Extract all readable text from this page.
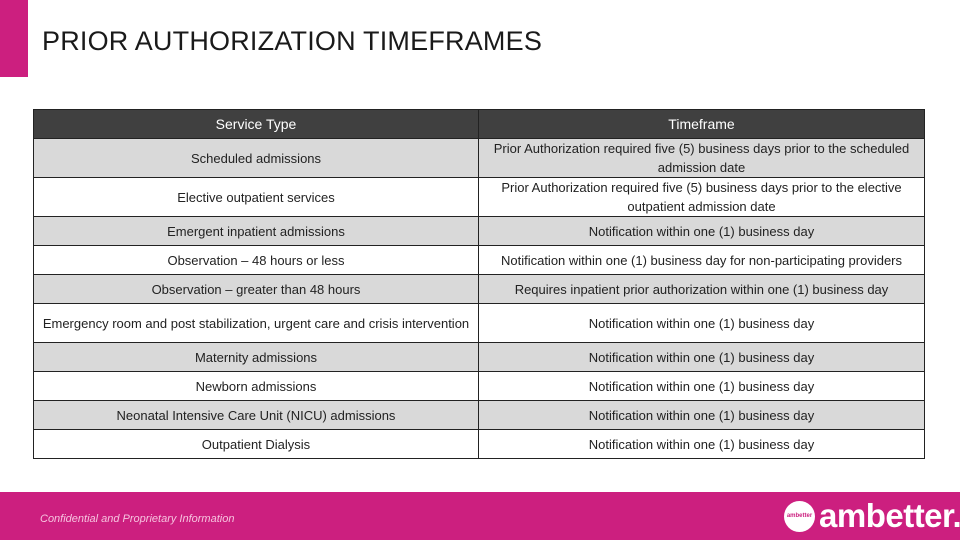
PRIOR AUTHORIZATION TIMEFRAMES
Service Type	Timeframe
Scheduled admissions	Prior Authorization required five (5) business days prior to the scheduled admission date
Elective outpatient services	Prior Authorization required five (5) business days prior to the elective outpatient admission date
Emergent inpatient admissions	Notification within one (1) business day
Observation – 48 hours or less	Notification within one (1) business day for non-participating providers
Observation – greater than 48 hours	Requires inpatient prior authorization within one (1) business day
Emergency room and post stabilization, urgent care and crisis intervention	Notification within one (1) business day
Maternity admissions	Notification within one (1) business day
Newborn admissions	Notification within one (1) business day
Neonatal Intensive Care Unit (NICU) admissions	Notification within one (1) business day
Outpatient Dialysis	Notification within one (1) business day
Confidential and Proprietary Information	ambetter ambetter. TM
